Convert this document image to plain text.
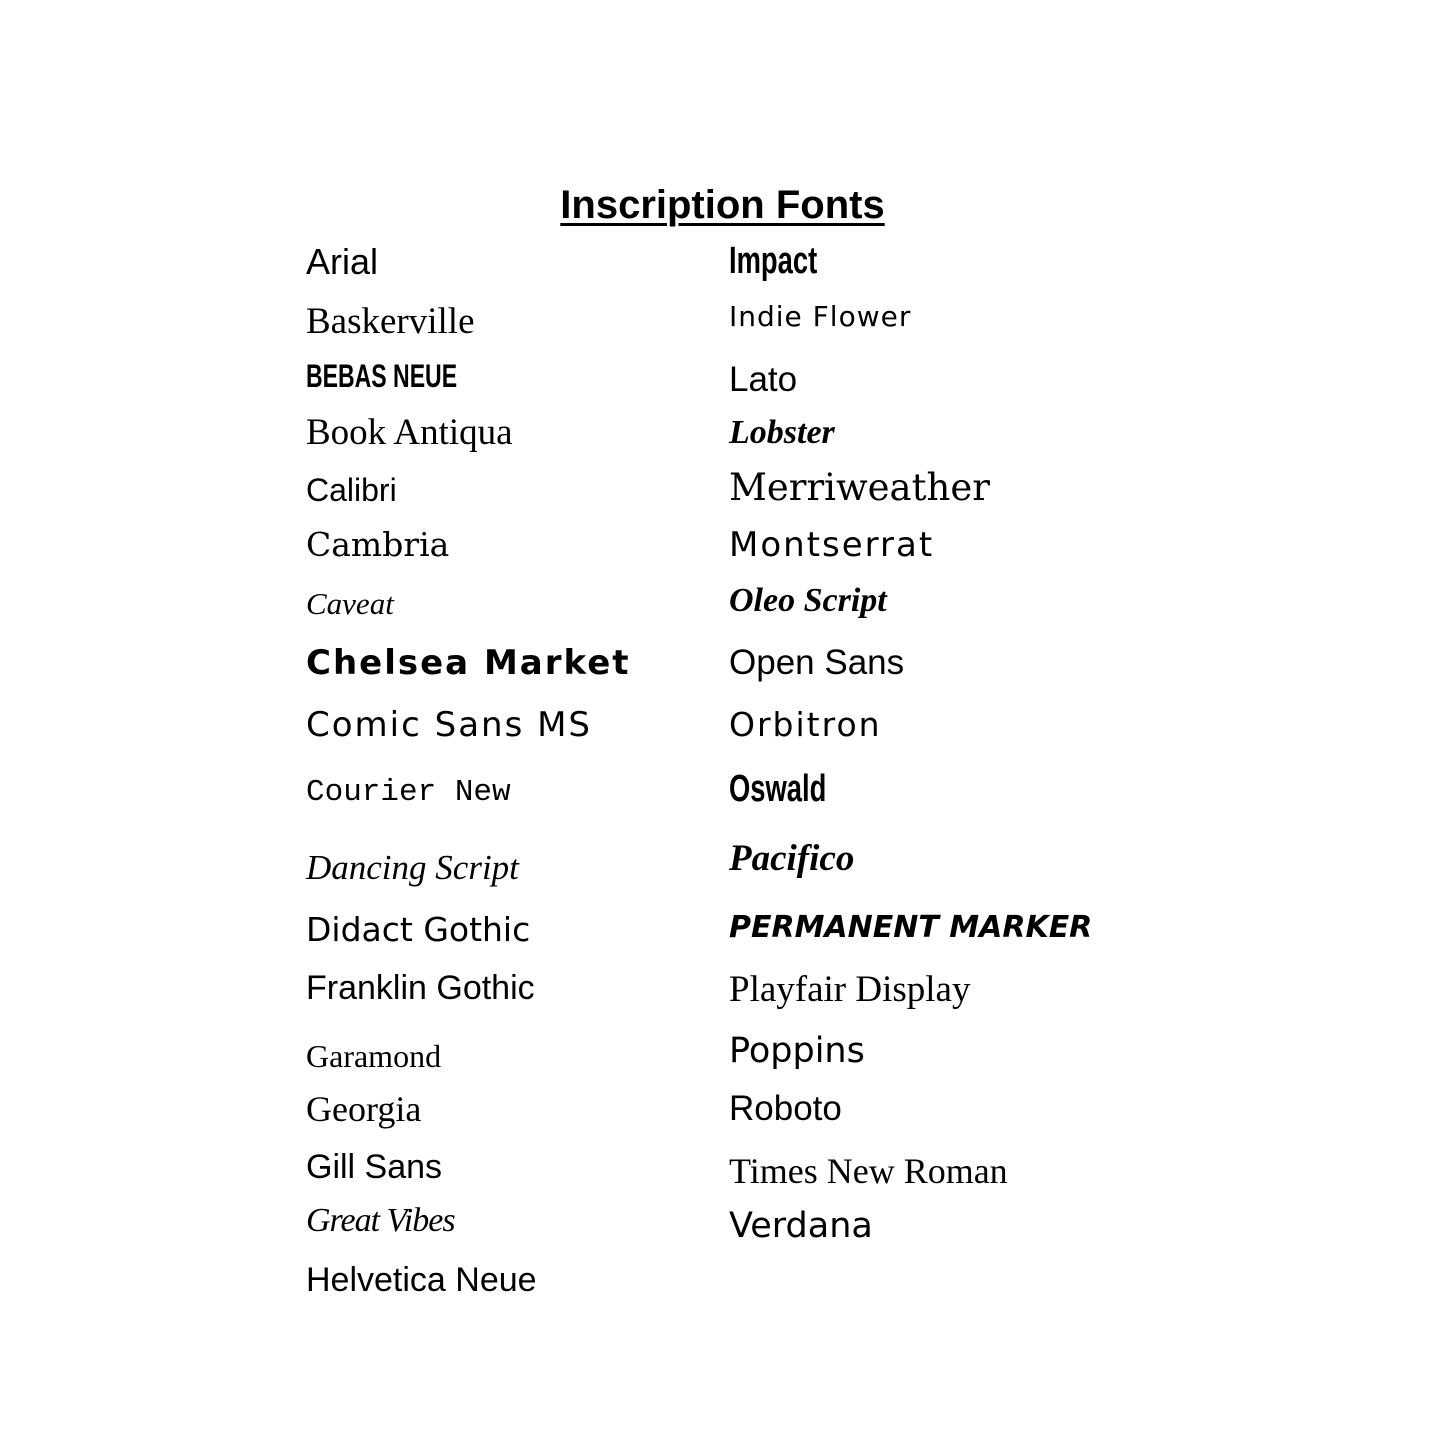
Inscription Fonts
Arial
Baskerville
BEBAS NEUE
Book Antiqua
Calibri
Cambria
Caveat
Chelsea Market
Comic Sans MS
Courier New
Dancing Script
Didact Gothic
Franklin Gothic
Garamond
Georgia
Gill Sans
Great Vibes
Helvetica Neue
Impact
Indie Flower
Lato
Lobster
Merriweather
Montserrat
Oleo Script
Open Sans
Orbitron
Oswald
Pacifico
PERMANENT MARKER
Playfair Display
Poppins
Roboto
Times New Roman
Verdana
